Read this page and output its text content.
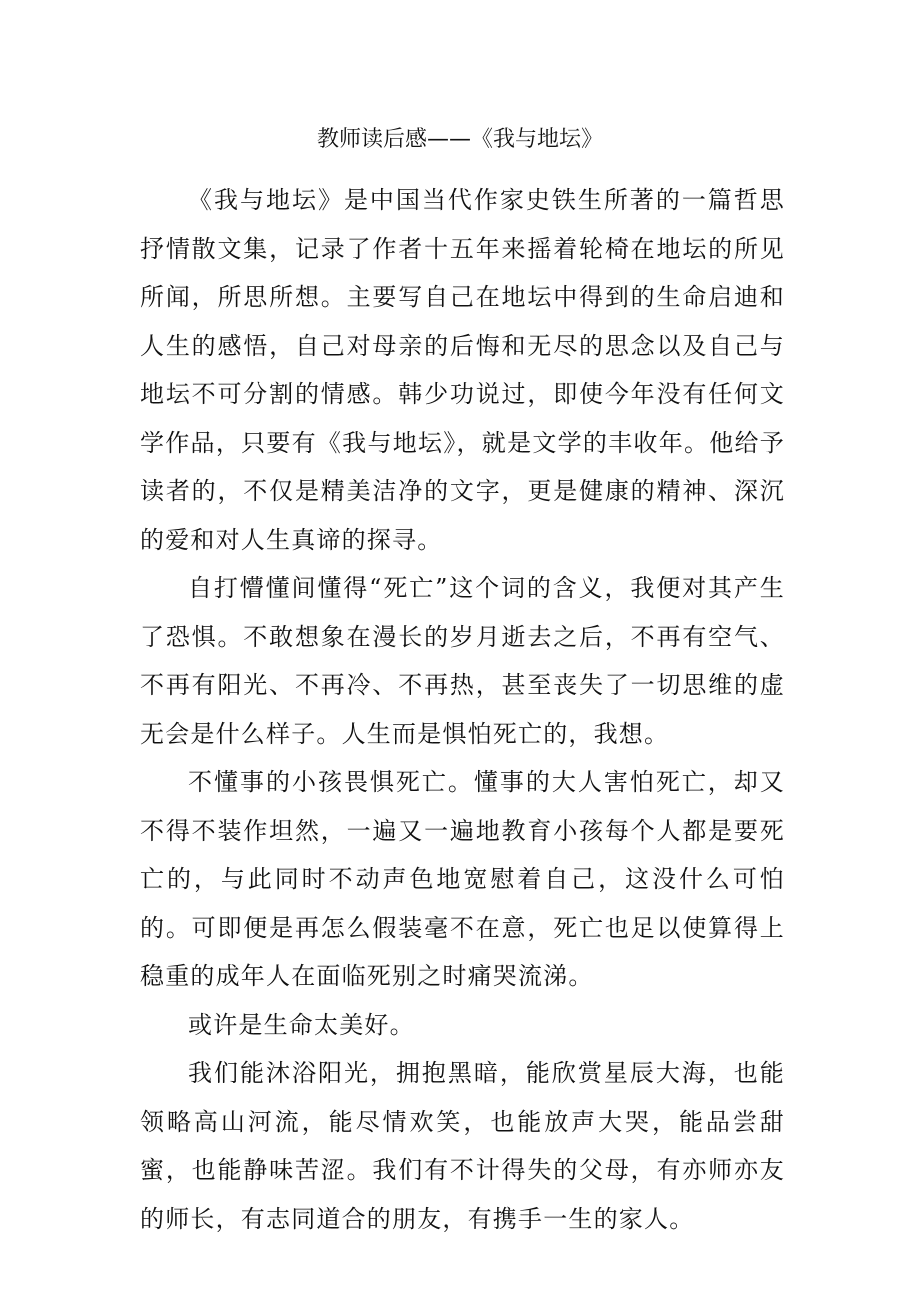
教师读后感——《我与地坛》

《我与地坛》是中国当代作家史铁生所著的一篇哲思抒情散文集，记录了作者十五年来摇着轮椅在地坛的所见所闻，所思所想。主要写自己在地坛中得到的生命启迪和人生的感悟，自己对母亲的后悔和无尽的思念以及自己与地坛不可分割的情感。韩少功说过，即使今年没有任何文学作品，只要有《我与地坛》，就是文学的丰收年。他给予读者的，不仅是精美洁净的文字，更是健康的精神、深沉的爱和对人生真谛的探寻。

自打懵懂间懂得“死亡”这个词的含义，我便对其产生了恐惧。不敢想象在漫长的岁月逝去之后，不再有空气、不再有阳光、不再冷、不再热，甚至丧失了一切思维的虚无会是什么样子。人生而是惧怕死亡的，我想。

不懂事的小孩畏惧死亡。懂事的大人害怕死亡，却又不得不装作坦然，一遍又一遍地教育小孩每个人都是要死亡的，与此同时不动声色地宽慰着自己，这没什么可怕的。可即便是再怎么假装毫不在意，死亡也足以使算得上稳重的成年人在面临死别之时痛哭流涕。

或许是生命太美好。

我们能沐浴阳光，拥抱黑暗，能欣赏星辰大海，也能领略高山河流，能尽情欢笑，也能放声大哭，能品尝甜蜜，也能静味苦涩。我们有不计得失的父母，有亦师亦友的师长，有志同道合的朋友，有携手一生的家人。
